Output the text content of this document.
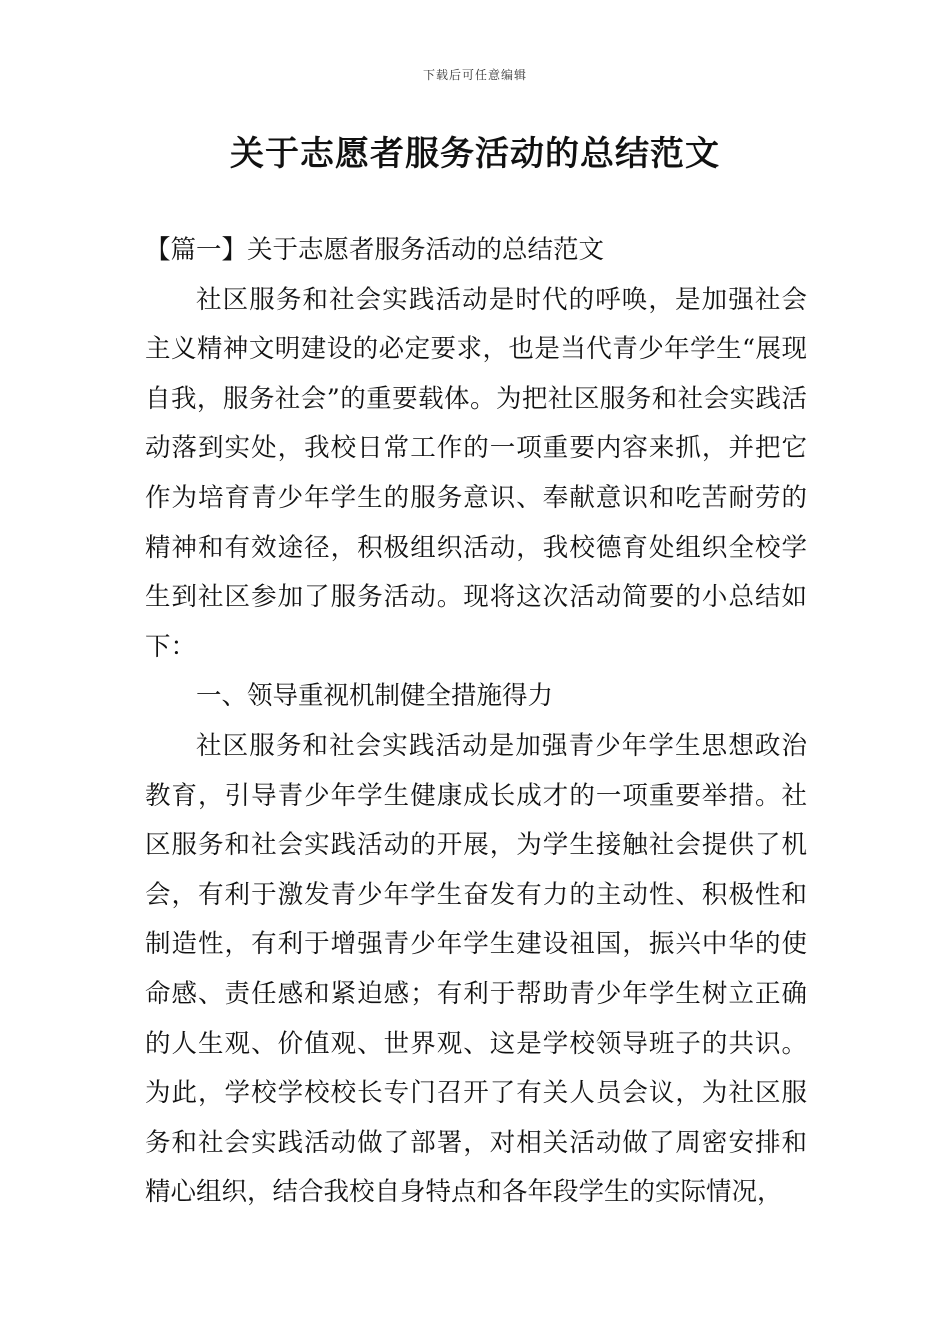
下载后可任意编辑
关于志愿者服务活动的总结范文

【篇一】关于志愿者服务活动的总结范文

社区服务和社会实践活动是时代的呼唤，是加强社会主义精神文明建设的必定要求，也是当代青少年学生“展现自我，服务社会”的重要载体。为把社区服务和社会实践活动落到实处，我校日常工作的一项重要内容来抓，并把它作为培育青少年学生的服务意识、奉献意识和吃苦耐劳的精神和有效途径，积极组织活动，我校德育处组织全校学生到社区参加了服务活动。现将这次活动简要的小总结如下：

一、领导重视机制健全措施得力

社区服务和社会实践活动是加强青少年学生思想政治教育，引导青少年学生健康成长成才的一项重要举措。社区服务和社会实践活动的开展，为学生接触社会提供了机会，有利于激发青少年学生奋发有力的主动性、积极性和制造性，有利于增强青少年学生建设祖国，振兴中华的使命感、责任感和紧迫感；有利于帮助青少年学生树立正确的人生观、价值观、世界观、这是学校领导班子的共识。为此，学校学校校长专门召开了有关人员会议，为社区服务和社会实践活动做了部署，对相关活动做了周密安排和精心组织，结合我校自身特点和各年段学生的实际情况，
